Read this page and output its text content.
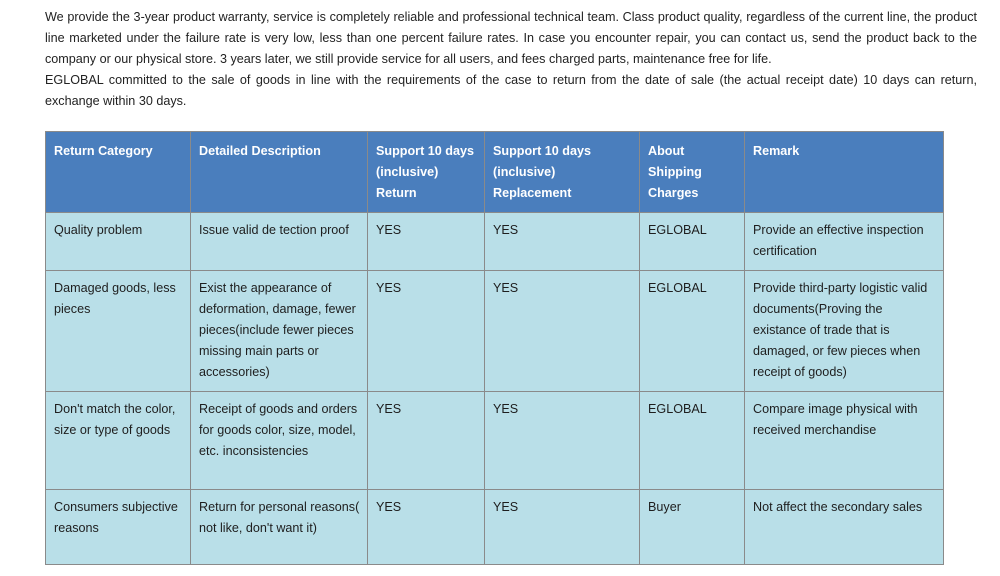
We provide the 3-year product warranty, service is completely reliable and professional technical team. Class product quality, regardless of the current line, the product line marketed under the failure rate is very low, less than one percent failure rates. In case you encounter repair, you can contact us, send the product back to the company or our physical store. 3 years later, we still provide service for all users, and fees charged parts, maintenance free for life.

EGLOBAL committed to the sale of goods in line with the requirements of the case to return from the date of sale (the actual receipt date) 10 days can return, exchange within 30 days.

Return Category	Detailed Description	Support 10 days (inclusive) Return	Support 10 days (inclusive) Replacement	About Shipping Charges	Remark
Quality problem	Issue valid de tection proof	YES	YES	EGLOBAL	Provide an effective inspection certification
Damaged goods, less pieces	Exist the appearance of deformation, damage, fewer pieces(include fewer pieces missing main parts or accessories)	YES	YES	EGLOBAL	Provide third-party logistic valid documents(Proving the existance of trade that is damaged, or few pieces when receipt of goods)
Don't match the color, size or type of goods	Receipt of goods and orders for goods color, size, model, etc. inconsistencies	YES	YES	EGLOBAL	Compare image physical with received merchandise
Consumers subjective reasons	Return for personal reasons( not like, don't want it)	YES	YES	Buyer	Not affect the secondary sales
